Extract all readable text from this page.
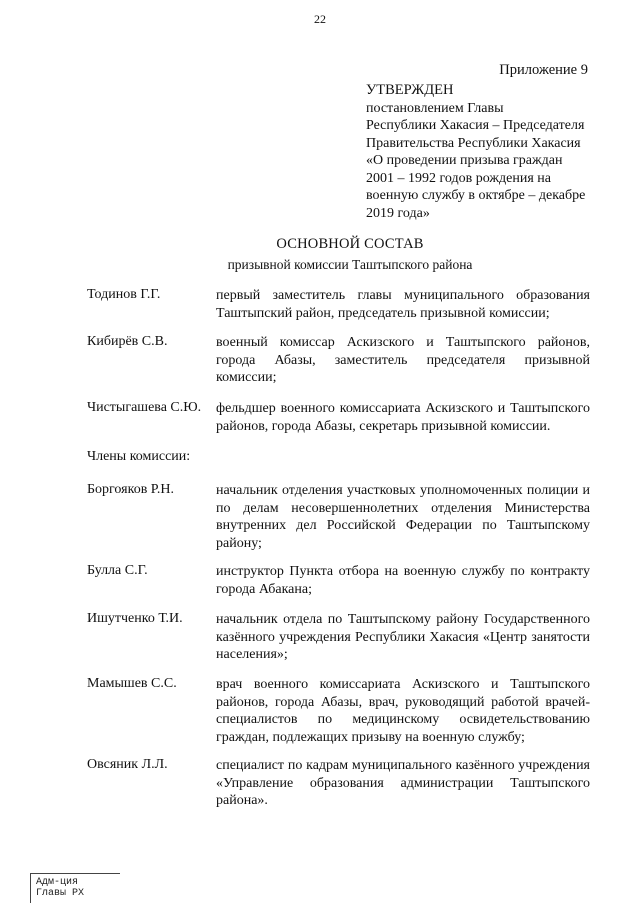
22
Приложение 9
УТВЕРЖДЕН
постановлением Главы
Республики Хакасия – Председателя
Правительства Республики Хакасия
«О проведении призыва граждан
2001 – 1992 годов рождения на
военную службу в октябре – декабре
2019 года»
ОСНОВНОЙ СОСТАВ
призывной комиссии Таштыпского района
Тодинов Г.Г.	первый заместитель главы муниципального образования Таштыпский район, председатель призывной комиссии;
Кибирёв С.В.	военный комиссар Аскизского и Таштыпского районов, города Абазы, заместитель председателя призывной комиссии;
Чистыгашева С.Ю. фельдшер военного комиссариата Аскизского и Таштыпского районов, города Абазы, секретарь призывной комиссии.
Члены комиссии:
Боргояков Р.Н.	начальник отделения участковых уполномоченных полиции и по делам несовершеннолетних отделения Министерства внутренних дел Российской Федерации по Таштыпскому району;
Булла С.Г.	инструктор Пункта отбора на военную службу по контракту города Абакана;
Ишутченко Т.И. начальник отдела по Таштыпскому району Государственного казённого учреждения Республики Хакасия «Центр занятости населения»;
Мамышев С.С.	врач военного комиссариата Аскизского и Таштыпского районов, города Абазы, врач, руководящий работой врачей-специалистов по медицинскому освидетельствованию граждан, подлежащих призыву на военную службу;
Овсяник Л.Л.	специалист по кадрам муниципального казённого учреждения «Управление образования администрации Таштыпского района».
Адм-ция
Главы РХ
